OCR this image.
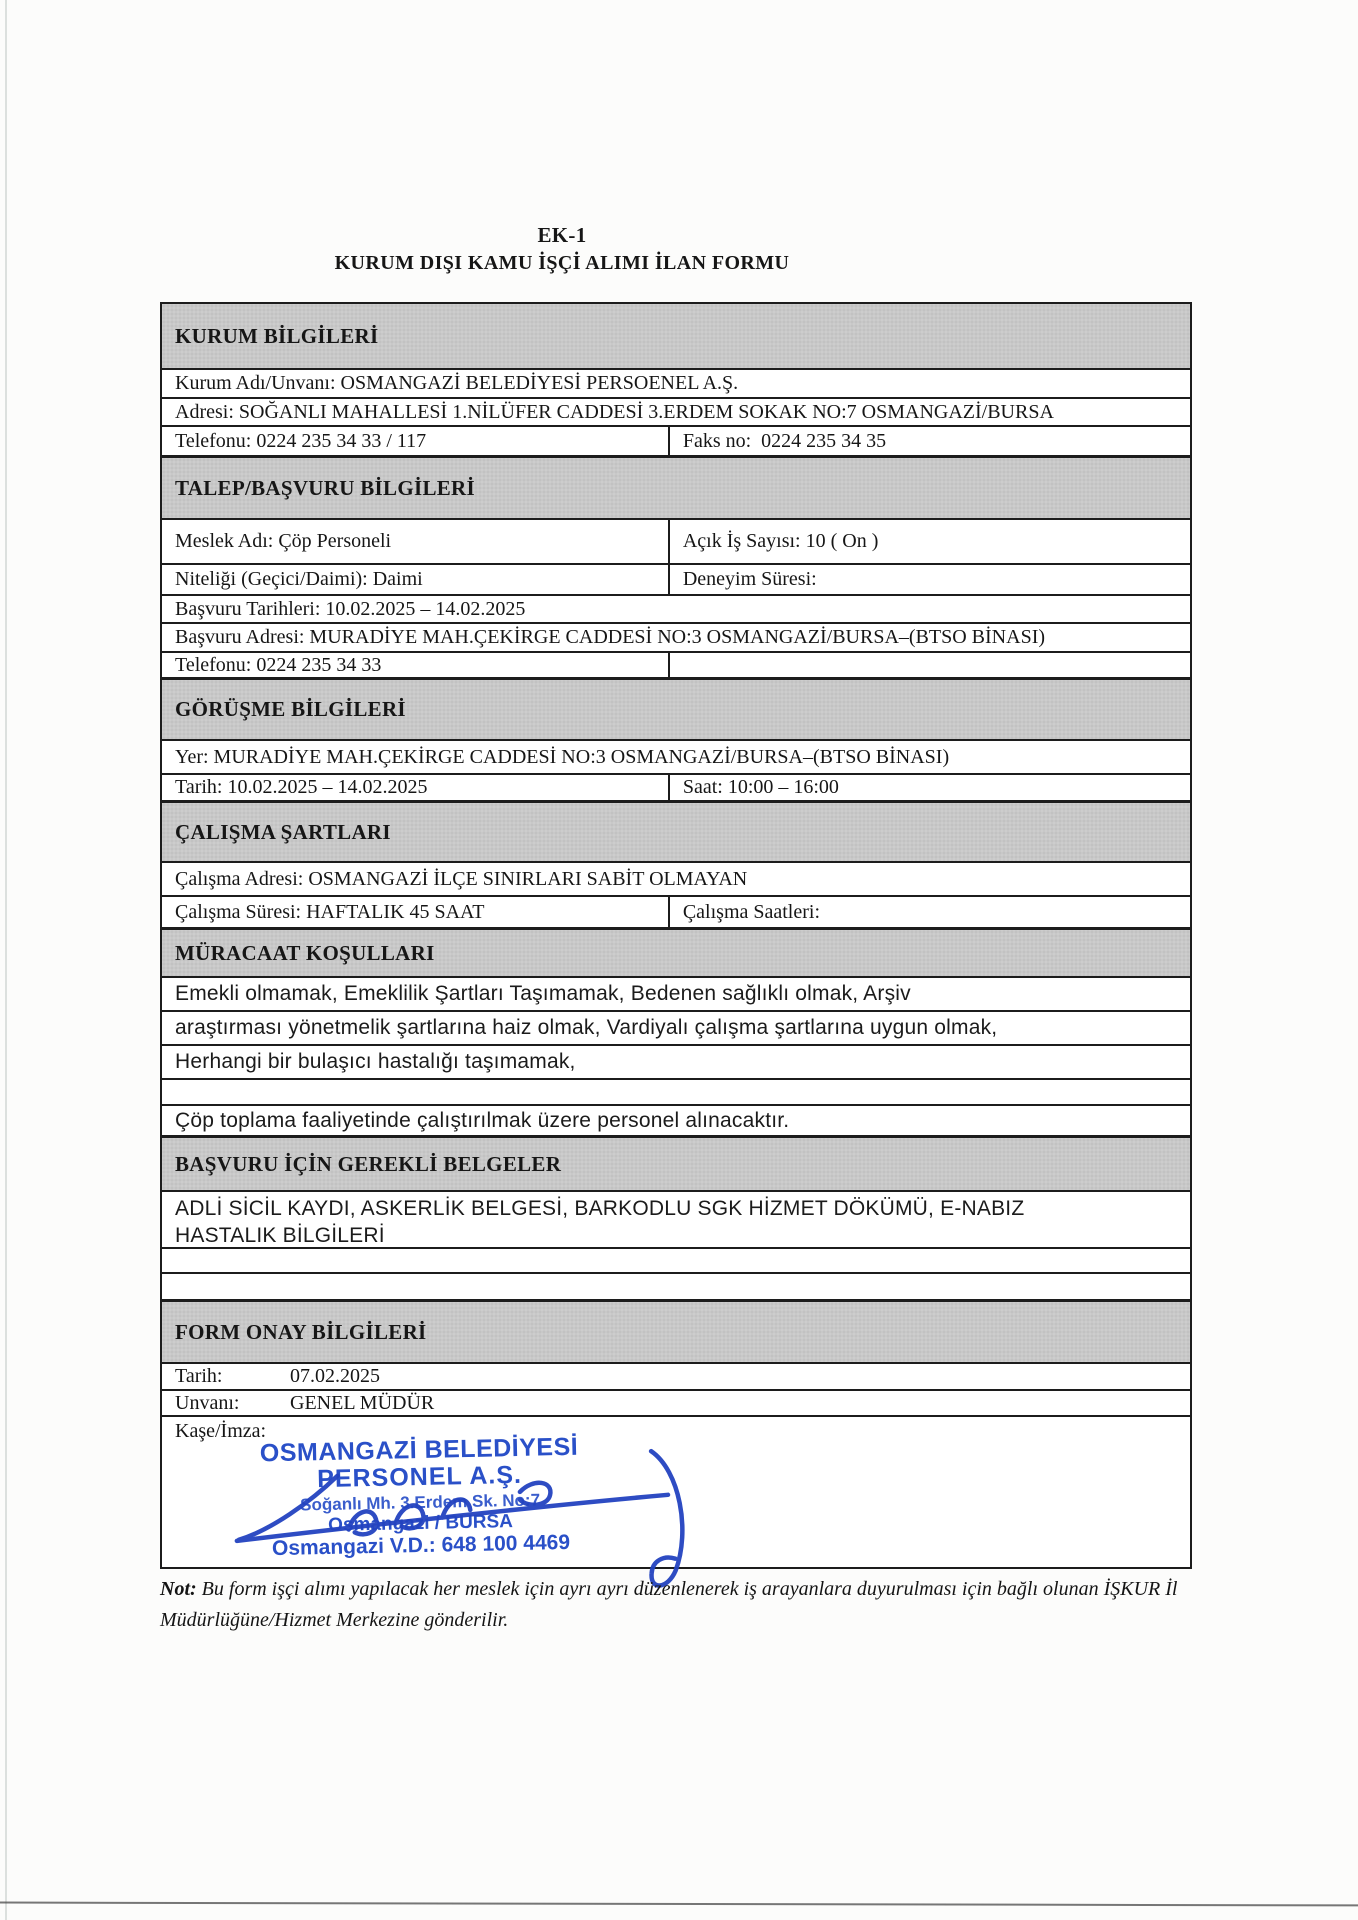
EK-1
KURUM DIŞI KAMU İŞÇİ ALIMI İLAN FORMU
KURUM BİLGİLERİ
Kurum Adı/Unvanı: OSMANGAZİ BELEDİYESİ PERSOENEL A.Ş.
Adresi: SOĞANLI MAHALLESİ 1.NİLÜFER CADDESİ 3.ERDEM SOKAK NO:7 OSMANGAZİ/BURSA
Telefonu: 0224 235 34 33 / 117	Faks no:  0224 235 34 35
TALEP/BAŞVURU BİLGİLERİ
Meslek Adı: Çöp Personeli	Açık İş Sayısı: 10 ( On )
Niteliği (Geçici/Daimi): Daimi	Deneyim Süresi:
Başvuru Tarihleri: 10.02.2025 – 14.02.2025
Başvuru Adresi: MURADİYE MAH.ÇEKİRGE CADDESİ NO:3 OSMANGAZİ/BURSA–(BTSO BİNASI)
Telefonu: 0224 235 34 33
GÖRÜŞME BİLGİLERİ
Yer: MURADİYE MAH.ÇEKİRGE CADDESİ NO:3 OSMANGAZİ/BURSA–(BTSO BİNASI)
Tarih: 10.02.2025 – 14.02.2025	Saat: 10:00 – 16:00
ÇALIŞMA ŞARTLARI
Çalışma Adresi: OSMANGAZİ İLÇE SINIRLARI SABİT OLMAYAN
Çalışma Süresi: HAFTALIK 45 SAAT	Çalışma Saatleri:
MÜRACAAT KOŞULLARI
Emekli olmamak, Emeklilik Şartları Taşımamak, Bedenen sağlıklı olmak, Arşiv
araştırması yönetmelik şartlarına haiz olmak, Vardiyalı çalışma şartlarına uygun olmak,
Herhangi bir bulaşıcı hastalığı taşımamak,
Çöp toplama faaliyetinde çalıştırılmak üzere personel alınacaktır.
BAŞVURU İÇİN GEREKLİ BELGELER
ADLİ SİCİL KAYDI, ASKERLİK BELGESİ, BARKODLU SGK HİZMET DÖKÜMÜ, E-NABIZ HASTALIK BİLGİLERİ
FORM ONAY BİLGİLERİ
Tarih:	07.02.2025
Unvanı:	GENEL MÜDÜR
Kaşe/İmza:
OSMANGAZİ BELEDİYESİ
PERSONEL A.Ş.
Soğanlı Mh. 3.Erdem Sk. No:7
Osmangazi / BURSA
Osmangazi V.D.: 648 100 4469
Not: Bu form işçi alımı yapılacak her meslek için ayrı ayrı düzenlenerek iş arayanlara duyurulması için bağlı olunan İŞKUR İl Müdürlüğüne/Hizmet Merkezine gönderilir.
